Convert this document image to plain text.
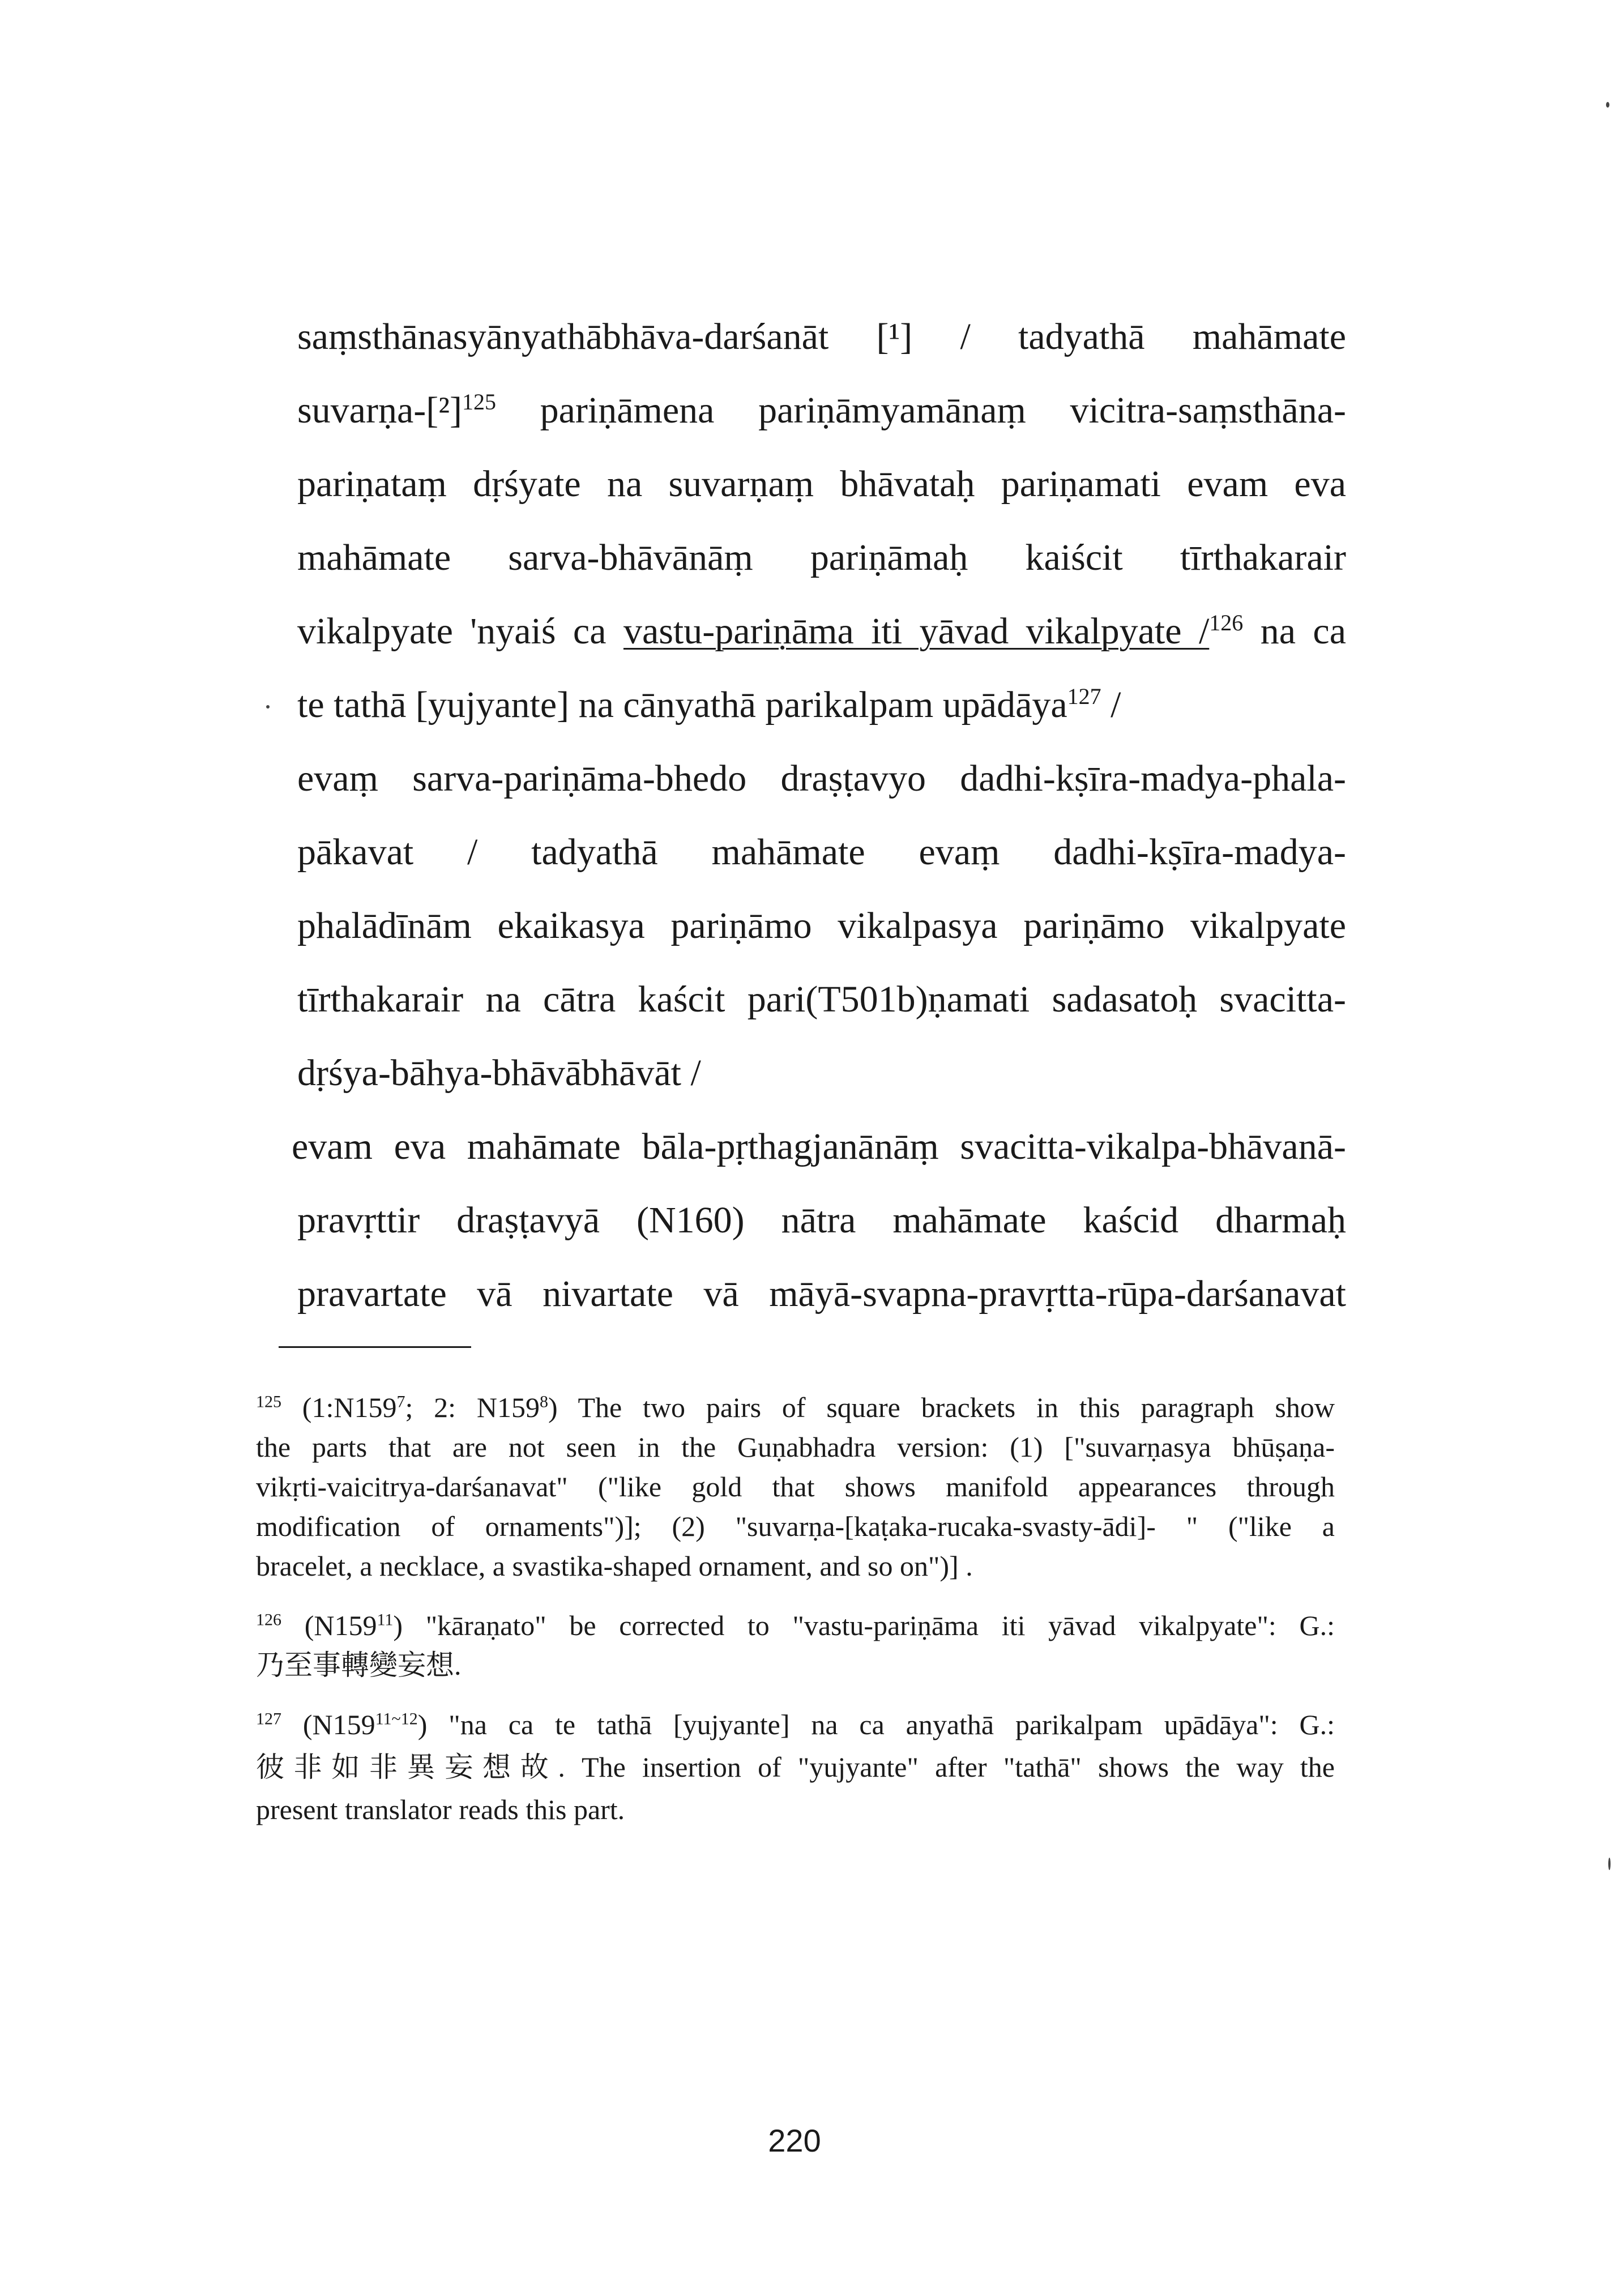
saṃsthānasyānyathābhāva-darśanāt [¹] / tadyathā mahāmate
suvarṇa-$[^2]^{125}$ pariṇāmena pariṇāmyamānaṃ vicitra-saṃsthāna-
pariṇataṃ dṛśyate na suvarṇaṃ bhāvataḥ pariṇamati evam eva
mahāmate sarva-bhāvānāṃ pariṇāmaḥ kaiścit tīrthakarair
vikalpyate 'nyaiś ca vastu-pariṇāma iti yāvad vikalpyate /$^{126}$ na ca
te tathā [yujyante] na cānyathā parikalpam upādāya$^{127}$ /
evaṃ sarva-pariṇāma-bhedo draṣṭavyo dadhi-kṣīra-madya-phala-
pākavat / tadyathā mahāmate evaṃ dadhi-kṣīra-madya-
phalādīnām ekaikasya pariṇāmo vikalpasya pariṇāmo vikalpyate
tīrthakarair na cātra kaścit pari(T501b)ṇamati sadasatoḥ svacitta-
dṛśya-bāhya-bhāvābhāvāt /
evam eva mahāmate bāla-pṛthagjanānāṃ svacitta-vikalpa-bhāvanā-
pravṛttir draṣṭavyā (N160) nātra mahāmate kaścid dharmaḥ
pravartate vā nivartate vā māyā-svapna-pravṛtta-rūpa-darśanavat
$^{125}$ ($1:N159^7$; 2: $N159^8$) The two pairs of square brackets in this paragraph show
the parts that are not seen in the Guṇabhadra version: (1) ["suvarṇasya bhūṣaṇa-
vikṛti-vaicitrya-darśanavat" ("like gold that shows manifold appearances through
modification of ornaments")]; (2) "suvarṇa-[kaṭaka-rucaka-svasty-ādi]- " ("like a
bracelet, a necklace, a svastika-shaped ornament, and so on")] .
$^{126}$ $(N159^{11})$ "kāraṇato" be corrected to "vastu-pariṇāma iti yāvad vikalpyate": G.:
乃至事轉變妄想.
$^{127}$ $(N159^{11\sim 12})$ "na ca te tathā [yujyante] na ca anyathā parikalpam upādāya": G.:
彼非如非異妄想故. The insertion of "yujyante" after "tathā" shows the way the
present translator reads this part.
220
